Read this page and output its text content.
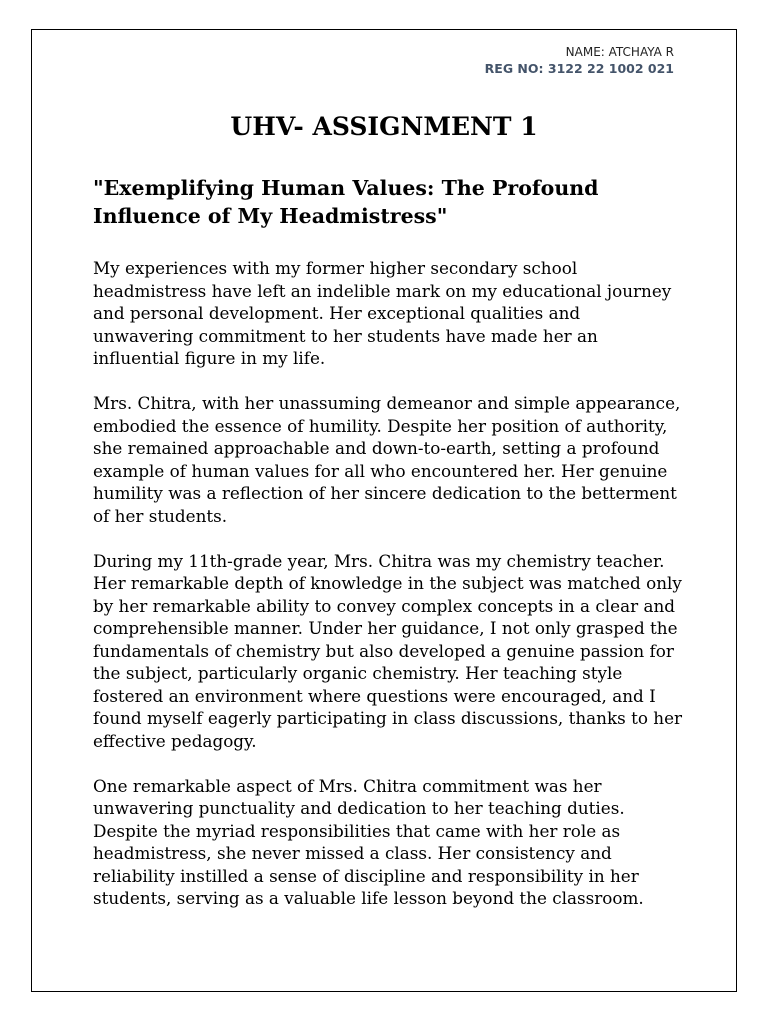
NAME: ATCHAYA R
REG NO: 3122 22 1002 021
UHV- ASSIGNMENT 1
"Exemplifying Human Values: The Profound Influence of My Headmistress"

My experiences with my former higher secondary school headmistress have left an indelible mark on my educational journey and personal development. Her exceptional qualities and unwavering commitment to her students have made her an influential figure in my life.

Mrs. Chitra, with her unassuming demeanor and simple appearance, embodied the essence of humility. Despite her position of authority, she remained approachable and down-to-earth, setting a profound example of human values for all who encountered her. Her genuine humility was a reflection of her sincere dedication to the betterment of her students.

During my 11th-grade year, Mrs. Chitra was my chemistry teacher. Her remarkable depth of knowledge in the subject was matched only by her remarkable ability to convey complex concepts in a clear and comprehensible manner. Under her guidance, I not only grasped the fundamentals of chemistry but also developed a genuine passion for the subject, particularly organic chemistry. Her teaching style fostered an environment where questions were encouraged, and I found myself eagerly participating in class discussions, thanks to her effective pedagogy.

One remarkable aspect of Mrs. Chitra commitment was her unwavering punctuality and dedication to her teaching duties. Despite the myriad responsibilities that came with her role as headmistress, she never missed a class. Her consistency and reliability instilled a sense of discipline and responsibility in her students, serving as a valuable life lesson beyond the classroom.
